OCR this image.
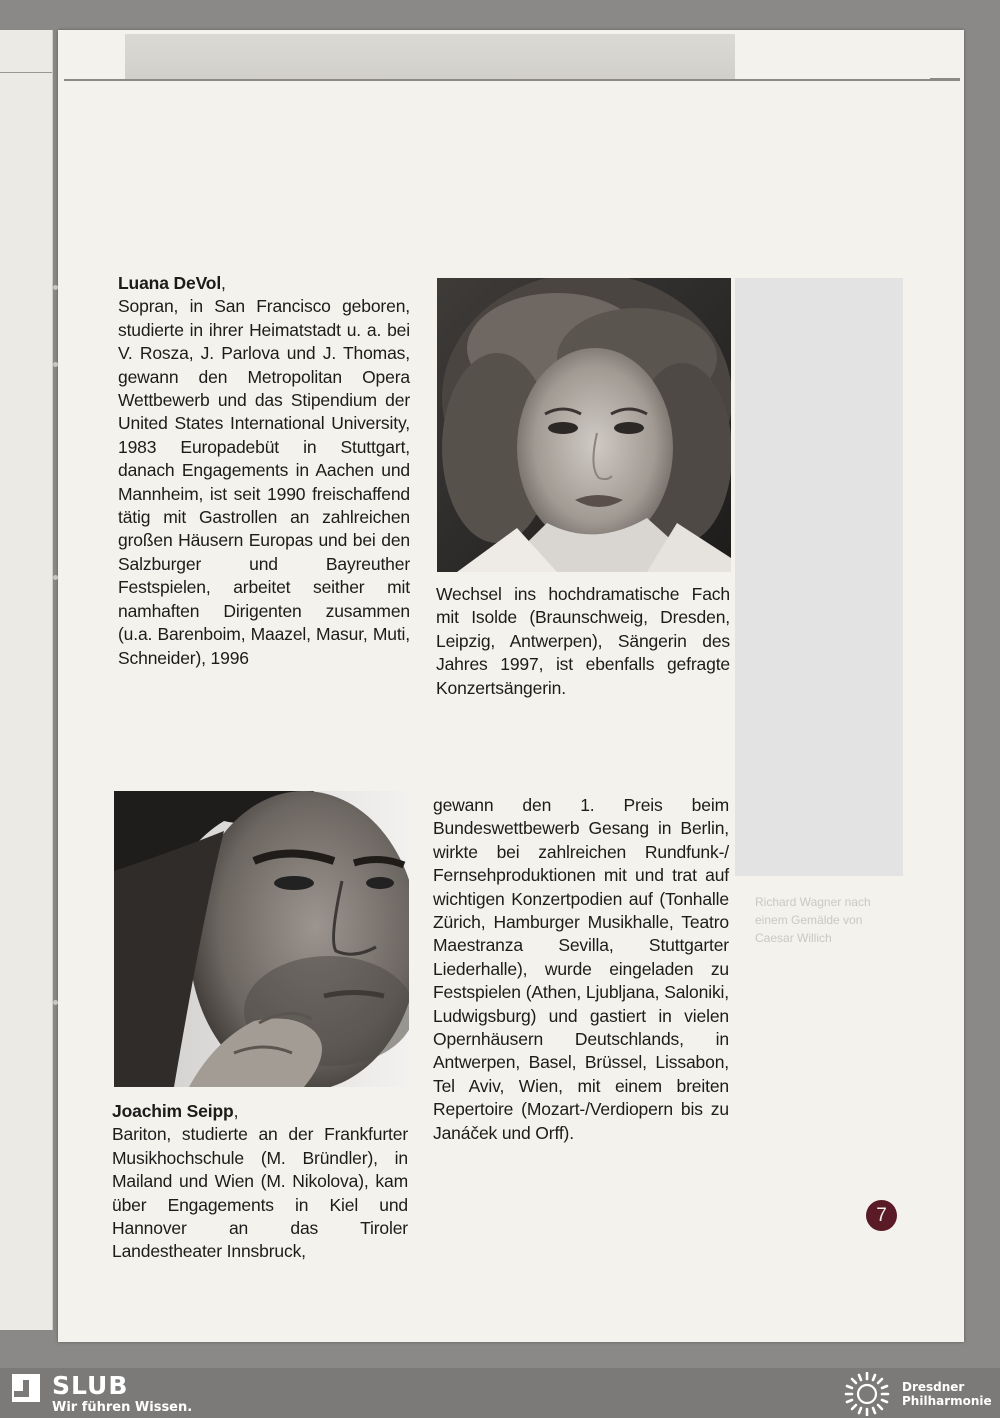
Richard Wagner nach einem Gemälde von Caesar Willich
Luana DeVol,
Sopran, in San Francisco geboren, studierte in ihrer Heimatstadt u. a. bei V. Rosza, J. Parlova und J. Thomas, gewann den Metropolitan Opera Wettbewerb und das Stipendium der United States International University, 1983 Europadebüt in Stuttgart, danach Engagements in Aachen und Mannheim, ist seit 1990 freischaffend tätig mit Gastrollen an zahlreichen großen Häusern Europas und bei den Salzburger und Bayreuther Festspielen, arbeitet seither mit namhaften Dirigenten zusammen (u.a. Barenboim, Maazel, Masur, Muti, Schneider), 1996
Wechsel ins hochdramatische Fach mit Isolde (Braunschweig, Dresden, Leipzig, Antwerpen), Sängerin des Jahres 1997, ist ebenfalls gefragte Konzertsängerin.
gewann den 1. Preis beim Bundeswettbewerb Gesang in Berlin, wirkte bei zahlreichen Rundfunk-/ Fernsehproduktionen mit und trat auf wichtigen Konzertpodien auf (Tonhalle Zürich, Hamburger Musikhalle, Teatro Maestranza Sevilla, Stuttgarter Liederhalle), wurde eingeladen zu Festspielen (Athen, Ljubljana, Saloniki, Ludwigsburg) und gastiert in vielen Opernhäusern Deutschlands, in Antwerpen, Basel, Brüssel, Lissabon, Tel Aviv, Wien, mit einem breiten Repertoire (Mozart-/Verdiopern bis zu Janáček und Orff).
Joachim Seipp,
Bariton, studierte an der Frankfurter Musikhochschule (M. Bründler), in Mailand und Wien (M. Nikolova), kam über Engagements in Kiel und Hannover an das Tiroler Landestheater Innsbruck,
7
SLUB
Wir führen Wissen.
Dresdner
Philharmonie
